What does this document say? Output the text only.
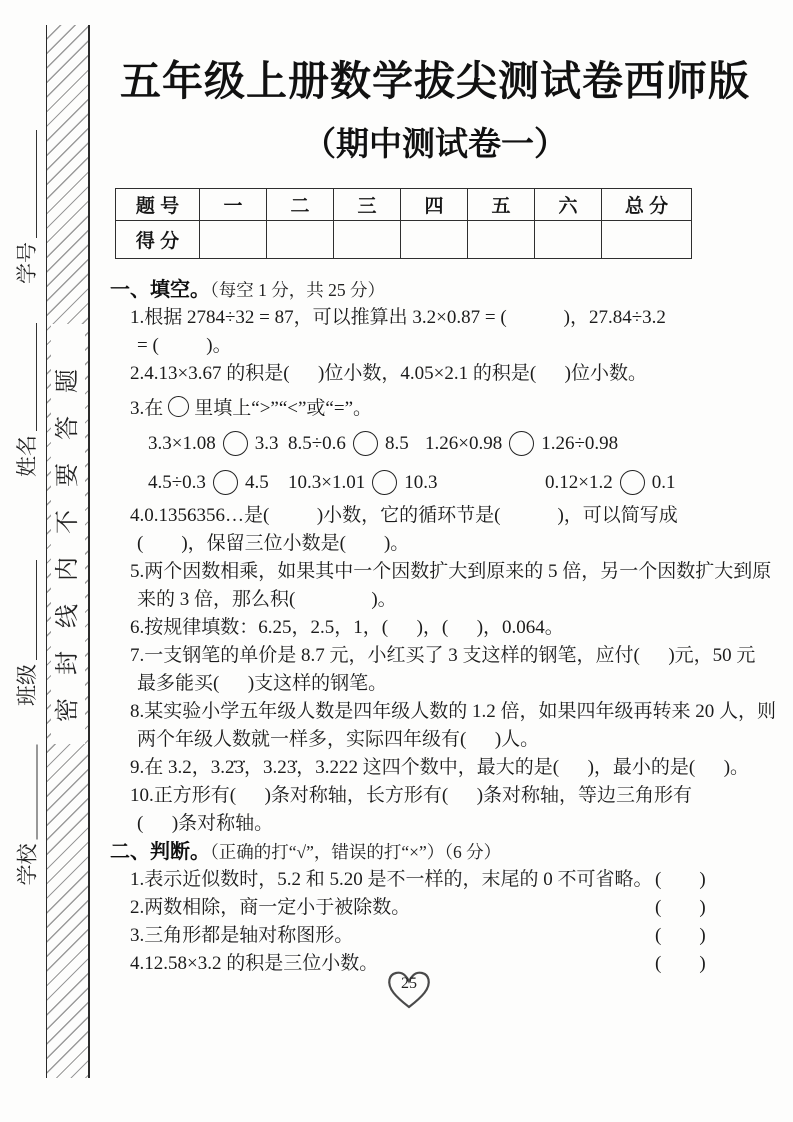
学号
姓名
班级
学校
密封线内不要答题
五年级上册数学拔尖测试卷西师版
（期中测试卷一）
题 号	一	二	三	四	五	六	总 分
得 分							
一、填空。（每空 1 分，共 25 分）
1.根据 2784÷32 = 87，可以推算出 3.2×0.87 = (            )，27.84÷3.2
= (          )。
2.4.13×3.67 的积是(      )位小数，4.05×2.1 的积是(      )位小数。
3.在 里填上“>”“<”或“=”。
3.3×1.08 3.3 8.5÷0.6 8.5 1.26×0.98 1.26÷0.98
4.5÷0.3 4.5 10.3×1.01 10.3	0.12×1.2 0.1
4.0.1356356…是(          )小数，它的循环节是(            )，可以简写成
(        )，保留三位小数是(        )。
5.两个因数相乘，如果其中一个因数扩大到原来的 5 倍，另一个因数扩大到原
来的 3 倍，那么积(                )。
6.按规律填数：6.25，2.5，1，(      )，(      )，0.064。
7.一支钢笔的单价是 8.7 元，小红买了 3 支这样的钢笔，应付(      )元，50 元
最多能买(      )支这样的钢笔。
8.某实验小学五年级人数是四年级人数的 1.2 倍，如果四年级再转来 20 人，则
两个年级人数就一样多，实际四年级有(      )人。
9.在 3.2，3.2̇3̇，3.23̇，3.222 这四个数中，最大的是(      )，最小的是(      )。
10.正方形有(      )条对称轴，长方形有(      )条对称轴，等边三角形有
(      )条对称轴。
二、判断。（正确的打“√”，错误的打“×”）（6 分）
1.表示近似数时，5.2 和 5.20 是不一样的，末尾的 0 不可省略。 (        )
2.两数相除，商一定小于被除数。	(        )
3.三角形都是轴对称图形。	(        )
4.12.58×3.2 的积是三位小数。	(        )
25
